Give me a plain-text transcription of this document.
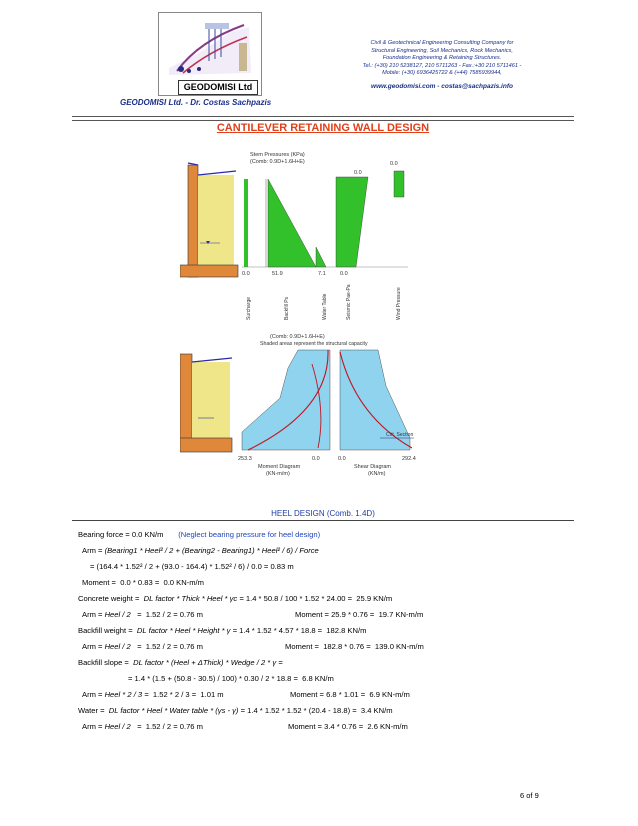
GEODOMISI Ltd
Civil & Geotechnical Engineering Consulting Company for
Structural Engineering, Soil Mechanics, Rock Mechanics,
Foundation Engineering & Retaining Structures.
Tel.: (+30) 210 5238127, 210 5711263 - Fax.:+30 210 5711461 -
Mobile: (+30) 6936425722 & (+44) 7585939944,
www.geodomisi.com - costas@sachpazis.info
GEODOMISI Ltd. - Dr. Costas Sachpazis
CANTILEVER RETAINING WALL DESIGN
Stem Pressures (KPa)
(Comb: 0.9D+1.6H+E)
0.0
0.0
0.0	51.9	7.1	0.0
Surcharge	Backfill Ps	Water Table	Seismic Pae-Pa	Wind Pressure
(Comb: 0.9D+1.6H+E)
Shaded areas represent the structural capacity
Crit. Section
253.3	0.0	0.0	292.4
Moment Diagram
(KN-m/m)
Shear Diagram
(KN/m)
HEEL DESIGN (Comb. 1.4D)
Bearing force = 0.0 KN/m (Neglect bearing pressure for heel design)
Arm = (Bearing1 * Heel² / 2 + (Bearing2 - Bearing1) * Heel² / 6) / Force
= (164.4 * 1.52² / 2 + (93.0 - 164.4) * 1.52² / 6) / 0.0 = 0.83 m
Moment =  0.0 * 0.83 =  0.0 KN-m/m
Concrete weight =  DL factor * Thick * Heel * γc = 1.4 * 50.8 / 100 * 1.52 * 24.00 =  25.9 KN/m
Arm = Heel / 2 =  1.52 / 2 = 0.76 m	Moment = 25.9 * 0.76 =  19.7 KN-m/m
Backfill weight =  DL factor * Heel * Height * γ = 1.4 * 1.52 * 4.57 * 18.8 =  182.8 KN/m
Arm = Heel / 2 =  1.52 / 2 = 0.76 m	Moment =  182.8 * 0.76 =  139.0 KN-m/m
Backfill slope =  DL factor * (Heel + ΔThick) * Wedge / 2 * γ =
= 1.4 * (1.5 + (50.8 - 30.5) / 100) * 0.30 / 2 * 18.8 =  6.8 KN/m
Arm = Heel * 2 / 3 =  1.52 * 2 / 3 =  1.01 m	Moment = 6.8 * 1.01 =  6.9 KN-m/m
Water =  DL factor * Heel * Water table * (γs - γ) = 1.4 * 1.52 * 1.52 * (20.4 - 18.8) =  3.4 KN/m
Arm = Heel / 2 =  1.52 / 2 = 0.76 m	Moment = 3.4 * 0.76 =  2.6 KN-m/m
6 of 9
